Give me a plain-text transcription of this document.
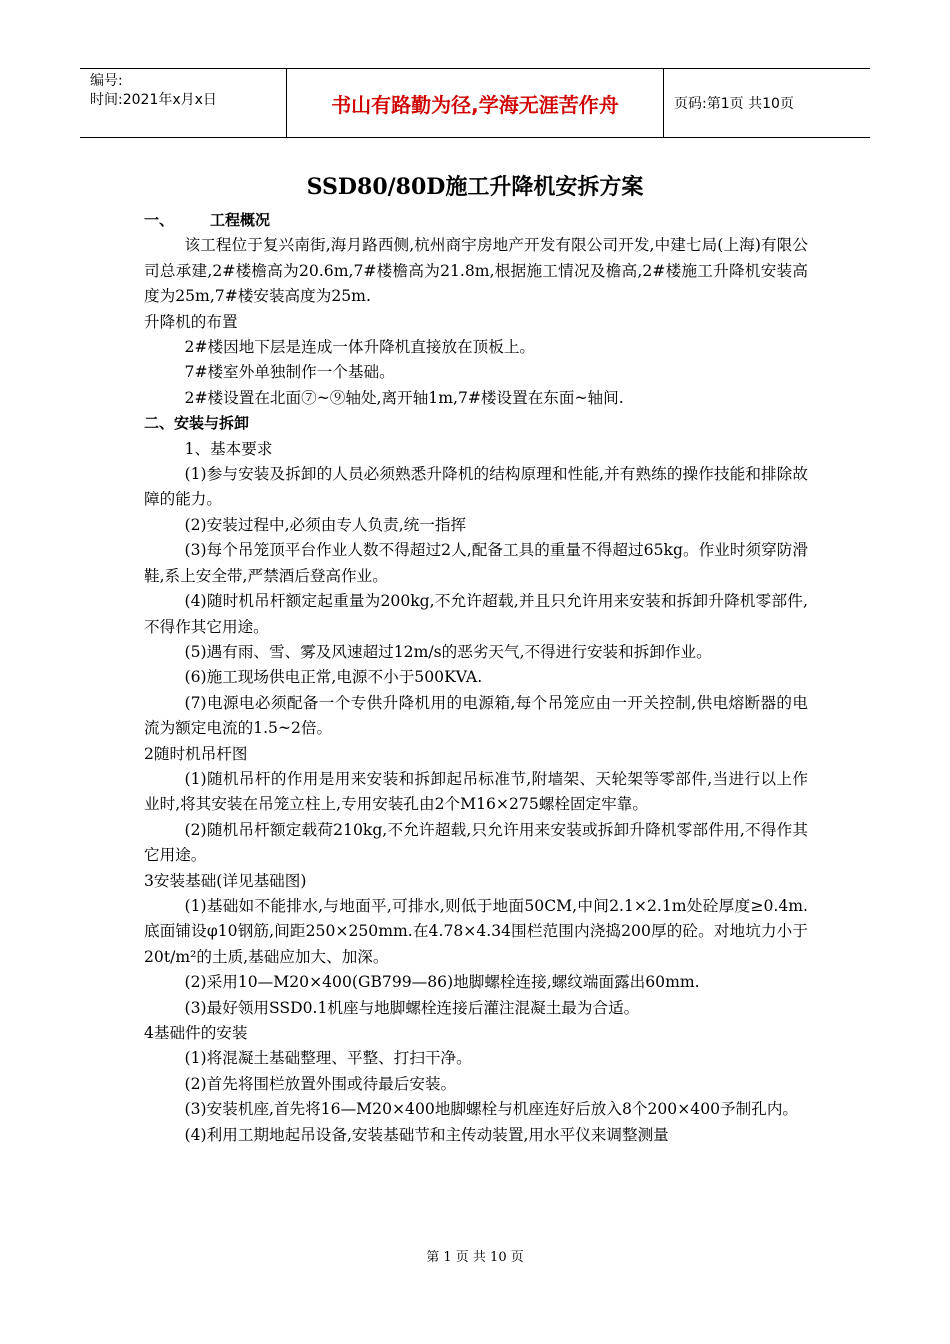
编号:
时间:2021年x月x日	书山有路勤为径,学海无涯苦作舟	页码:第1页 共10页
SSD80/80D施工升降机安拆方案

一、 工程概况

该工程位于复兴南街,海月路西侧,杭州商宇房地产开发有限公司开发,中建七局(上海)有限公司总承建,2#楼檐高为20.6m,7#楼檐高为21.8m,根据施工情况及檐高,2#楼施工升降机安装高度为25m,7#楼安装高度为25m.

升降机的布置

2#楼因地下层是连成一体升降机直接放在顶板上。

7#楼室外单独制作一个基础。

2#楼设置在北面⑦~⑨轴处,离开轴1m,7#楼设置在东面~轴间.

二、安装与拆卸

1、基本要求

(1)参与安装及拆卸的人员必须熟悉升降机的结构原理和性能,并有熟练的操作技能和排除故障的能力。

(2)安装过程中,必须由专人负责,统一指挥

(3)每个吊笼顶平台作业人数不得超过2人,配备工具的重量不得超过65kg。作业时须穿防滑鞋,系上安全带,严禁酒后登高作业。

(4)随时机吊杆额定起重量为200kg,不允许超载,并且只允许用来安装和拆卸升降机零部件,不得作其它用途。

(5)遇有雨、雪、雾及风速超过12m/s的恶劣天气,不得进行安装和拆卸作业。

(6)施工现场供电正常,电源不小于500KVA.

(7)电源电必须配备一个专供升降机用的电源箱,每个吊笼应由一开关控制,供电熔断器的电流为额定电流的1.5~2倍。

2随时机吊杆图

(1)随机吊杆的作用是用来安装和拆卸起吊标准节,附墙架、天轮架等零部件,当进行以上作业时,将其安装在吊笼立柱上,专用安装孔由2个M16×275螺栓固定牢靠。

(2)随机吊杆额定载荷210kg,不允许超载,只允许用来安装或拆卸升降机零部件用,不得作其它用途。

3安装基础(详见基础图)

(1)基础如不能排水,与地面平,可排水,则低于地面50CM,中间2.1×2.1m处砼厚度≥0.4m.底面铺设φ10钢筋,间距250×250mm.在4.78×4.34围栏范围内浇捣200厚的砼。对地坑力小于20t/m²的土质,基础应加大、加深。

(2)采用10—M20×400(GB799—86)地脚螺栓连接,螺纹端面露出60mm.

(3)最好领用SSD0.1机座与地脚螺栓连接后灌注混凝土最为合适。

4基础件的安装

(1)将混凝土基础整理、平整、打扫干净。

(2)首先将围栏放置外围或待最后安装。

(3)安装机座,首先将16—M20×400地脚螺栓与机座连好后放入8个200×400予制孔内。

(4)利用工期地起吊设备,安装基础节和主传动装置,用水平仪来调整测量

第 1 页 共 10 页
